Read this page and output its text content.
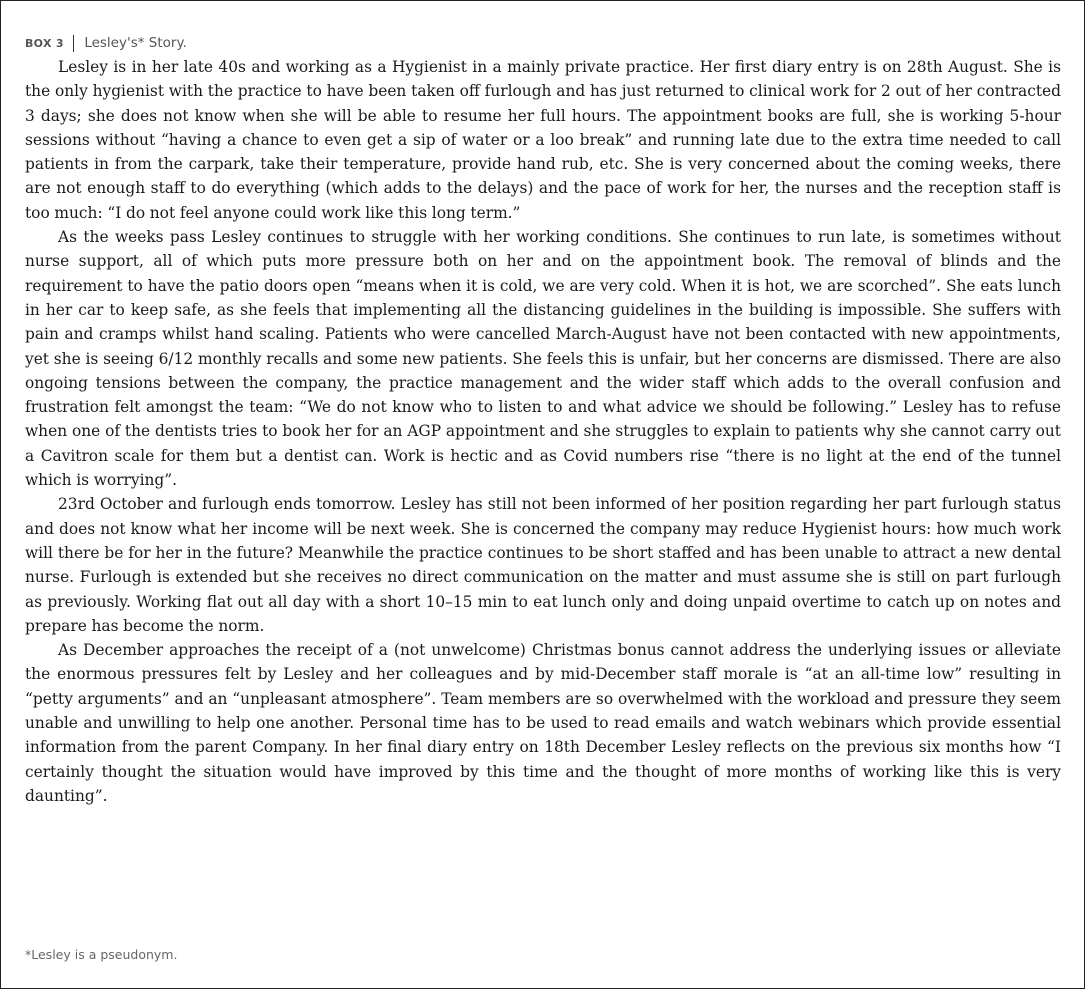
BOX 3 Lesley's* Story.

Lesley is in her late 40s and working as a Hygienist in a mainly private practice. Her first diary entry is on 28th August. She is the only hygienist with the practice to have been taken off furlough and has just returned to clinical work for 2 out of her contracted 3 days; she does not know when she will be able to resume her full hours. The appointment books are full, she is working 5-hour sessions without “having a chance to even get a sip of water or a loo break” and running late due to the extra time needed to call patients in from the carpark, take their temperature, provide hand rub, etc. She is very concerned about the coming weeks, there are not enough staff to do everything (which adds to the delays) and the pace of work for her, the nurses and the reception staff is too much: “I do not feel anyone could work like this long term.”

As the weeks pass Lesley continues to struggle with her working conditions. She continues to run late, is sometimes without nurse support, all of which puts more pressure both on her and on the appointment book. The removal of blinds and the requirement to have the patio doors open “means when it is cold, we are very cold. When it is hot, we are scorched”. She eats lunch in her car to keep safe, as she feels that implementing all the distancing guidelines in the building is impossible. She suffers with pain and cramps whilst hand scaling. Patients who were cancelled March-August have not been contacted with new appointments, yet she is seeing 6/12 monthly recalls and some new patients. She feels this is unfair, but her concerns are dismissed. There are also ongoing tensions between the company, the practice management and the wider staff which adds to the overall confusion and frustration felt amongst the team: “We do not know who to listen to and what advice we should be following.” Lesley has to refuse when one of the dentists tries to book her for an AGP appointment and she struggles to explain to patients why she cannot carry out a Cavitron scale for them but a dentist can. Work is hectic and as Covid numbers rise “there is no light at the end of the tunnel which is worrying”.

23rd October and furlough ends tomorrow. Lesley has still not been informed of her position regarding her part furlough status and does not know what her income will be next week. She is concerned the company may reduce Hygienist hours: how much work will there be for her in the future? Meanwhile the practice continues to be short staffed and has been unable to attract a new dental nurse. Furlough is extended but she receives no direct communication on the matter and must assume she is still on part furlough as previously. Working flat out all day with a short 10–15 min to eat lunch only and doing unpaid overtime to catch up on notes and prepare has become the norm.

As December approaches the receipt of a (not unwelcome) Christmas bonus cannot address the underlying issues or alleviate the enormous pressures felt by Lesley and her colleagues and by mid-December staff morale is “at an all-time low” resulting in “petty arguments” and an “unpleasant atmosphere”. Team members are so overwhelmed with the workload and pressure they seem unable and unwilling to help one another. Personal time has to be used to read emails and watch webinars which provide essential information from the parent Company. In her final diary entry on 18th December Lesley reflects on the previous six months how “I certainly thought the situation would have improved by this time and the thought of more months of working like this is very daunting”.

*Lesley is a pseudonym.
